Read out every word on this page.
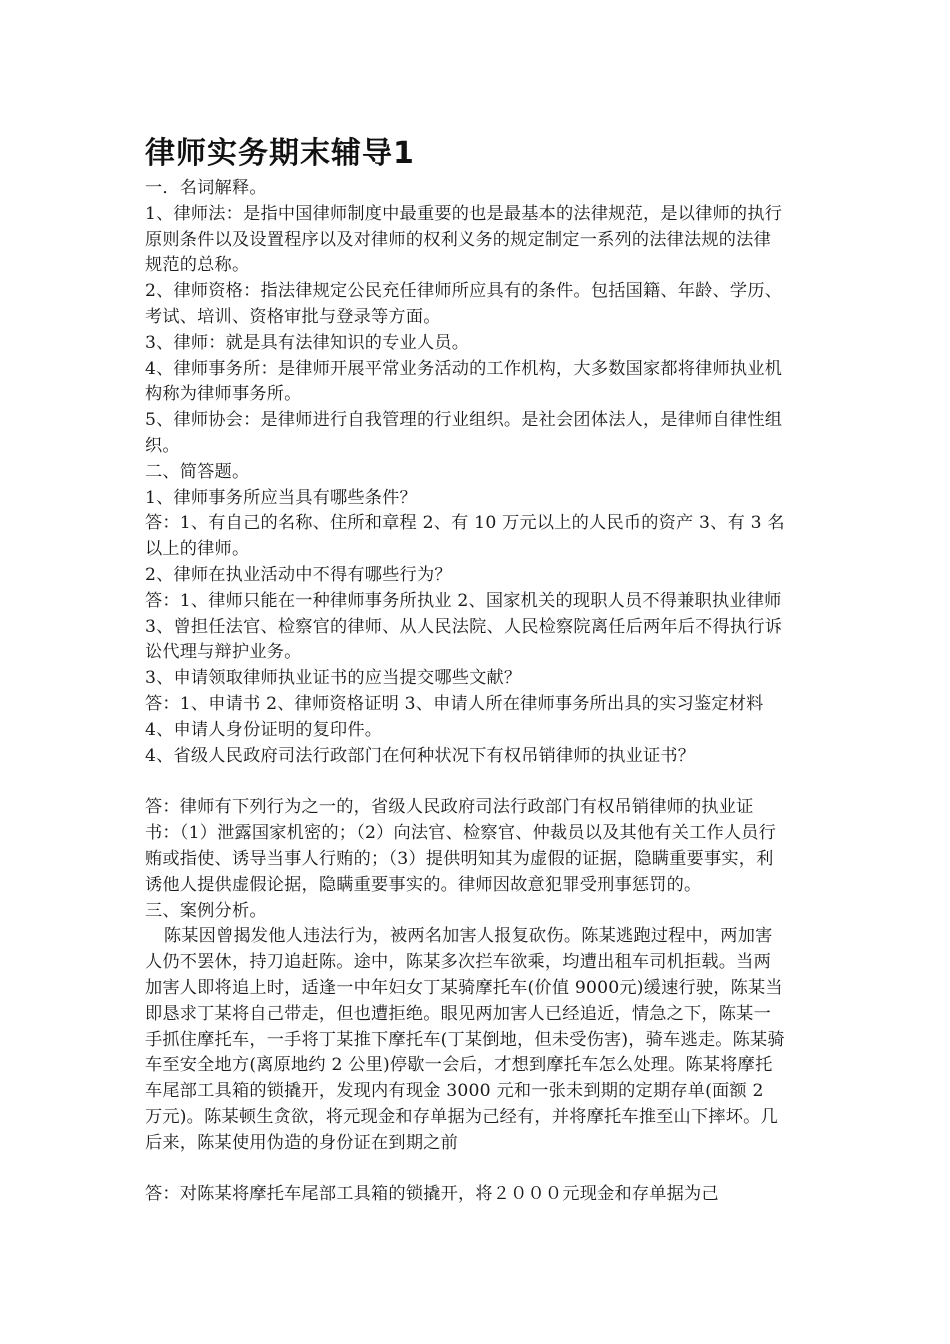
律师实务期末辅导1

一．名词解释。

1、律师法：是指中国律师制度中最重要的也是最基本的法律规范，是以律师的执行原则条件以及设置程序以及对律师的权利义务的规定制定一系列的法律法规的法律规范的总称。

2、律师资格：指法律规定公民充任律师所应具有的条件。包括国籍、年龄、学历、考试、培训、资格审批与登录等方面。

3、律师：就是具有法律知识的专业人员。

4、律师事务所：是律师开展平常业务活动的工作机构，大多数国家都将律师执业机构称为律师事务所。

5、律师协会：是律师进行自我管理的行业组织。是社会团体法人，是律师自律性组织。

二、简答题。

1、律师事务所应当具有哪些条件？

答：1、有自己的名称、住所和章程 2、有 10 万元以上的人民币的资产 3、有 3 名以上的律师。

2、律师在执业活动中不得有哪些行为？

答：1、律师只能在一种律师事务所执业 2、国家机关的现职人员不得兼职执业律师 3、曾担任法官、检察官的律师、从人民法院、人民检察院离任后两年后不得执行诉讼代理与辩护业务。

3、申请领取律师执业证书的应当提交哪些文献？

答：1、申请书 2、律师资格证明 3、申请人所在律师事务所出具的实习鉴定材料 4、申请人身份证明的复印件。

4、省级人民政府司法行政部门在何种状况下有权吊销律师的执业证书？

答：律师有下列行为之一的，省级人民政府司法行政部门有权吊销律师的执业证书：（1）泄露国家机密的；（2）向法官、检察官、仲裁员以及其他有关工作人员行贿或指使、诱导当事人行贿的；（3）提供明知其为虚假的证据，隐瞒重要事实，利诱他人提供虚假论据，隐瞒重要事实的。律师因故意犯罪受刑事惩罚的。

三、案例分析。

陈某因曾揭发他人违法行为，被两名加害人报复砍伤。陈某逃跑过程中，两加害人仍不罢休，持刀追赶陈。途中，陈某多次拦车欲乘，均遭出租车司机拒载。当两加害人即将追上时，适逢一中年妇女丁某骑摩托车(价值 9000元)缓速行驶，陈某当即恳求丁某将自己带走，但也遭拒绝。眼见两加害人已经追近，情急之下，陈某一手抓住摩托车，一手将丁某推下摩托车(丁某倒地，但未受伤害)，骑车逃走。陈某骑车至安全地方(离原地约 2 公里)停歇一会后，才想到摩托车怎么处理。陈某将摩托车尾部工具箱的锁撬开，发现内有现金 3000 元和一张未到期的定期存单(面额 2 万元)。陈某顿生贪欲，将元现金和存单据为己经有，并将摩托车推至山下摔坏。几后来，陈某使用伪造的身份证在到期之前

答：对陈某将摩托车尾部工具箱的锁撬开，将２０００元现金和存单据为己
